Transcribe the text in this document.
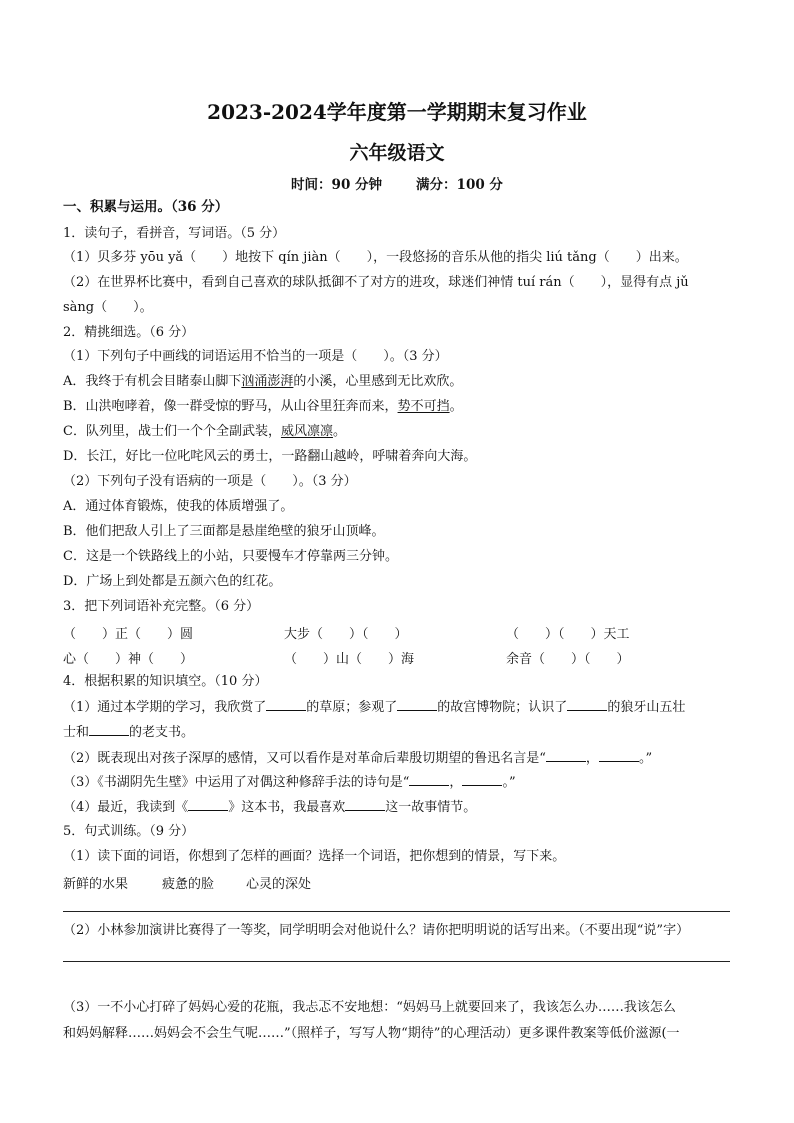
2023-2024学年度第一学期期末复习作业
六年级语文
时间：90 分钟	满分：100 分
一、积累与运用。（36 分）
1．读句子，看拼音，写词语。（5 分）
（1）贝多芬 yōu yǎ（　　）地按下 qín jiàn（　　），一段悠扬的音乐从他的指尖 liú tǎng（　　）出来。
（2）在世界杯比赛中，看到自己喜欢的球队抵御不了对方的进攻，球迷们神情 tuí rán（　　），显得有点 jǔ
sàng（　　）。
2．精挑细选。（6 分）
（1）下列句子中画线的词语运用不恰当的一项是（　　）。（3 分）
A．我终于有机会目睹泰山脚下汹涌澎湃的小溪，心里感到无比欢欣。
B．山洪咆哮着，像一群受惊的野马，从山谷里狂奔而来，势不可挡。
C．队列里，战士们一个个全副武装，威风凛凛。
D．长江，好比一位叱咤风云的勇士，一路翻山越岭，呼啸着奔向大海。
（2）下列句子没有语病的一项是（　　）。（3 分）
A．通过体育锻炼，使我的体质增强了。
B．他们把敌人引上了三面都是悬崖绝壁的狼牙山顶峰。
C．这是一个铁路线上的小站，只要慢车才停靠两三分钟。
D．广场上到处都是五颜六色的红花。
3．把下列词语补充完整。（6 分）
（　　）正（　　）圆	大步（　　）（　　）	（　　）（　　）天工
心（　　）神（　　）	（　　）山（　　）海	余音（　　）（　　）
4．根据积累的知识填空。（10 分）
（1）通过本学期的学习，我欣赏了	的草原；参观了	的故宫博物院；认识了	的狼牙山五壮
士和	的老支书。
（2）既表现出对孩子深厚的感情，又可以看作是对革命后辈殷切期望的鲁迅名言是“	，	。”
（3）《书湖阴先生壁》中运用了对偶这种修辞手法的诗句是“	，	。”
（4）最近，我读到《	》这本书，我最喜欢	这一故事情节。
5．句式训练。（9 分）
（1）读下面的词语，你想到了怎样的画面？选择一个词语，把你想到的情景，写下来。
新鲜的水果	疲惫的脸 心灵的深处
（2）小林参加演讲比赛得了一等奖，同学明明会对他说什么？请你把明明说的话写出来。（不要出现“说”字）
（3）一不小心打碎了妈妈心爱的花瓶，我忐忑不安地想：“妈妈马上就要回来了，我该怎么办……我该怎么
和妈妈解释……妈妈会不会生气呢……”（照样子，写写人物“期待”的心理活动）更多课件教案等低价滋源(一
